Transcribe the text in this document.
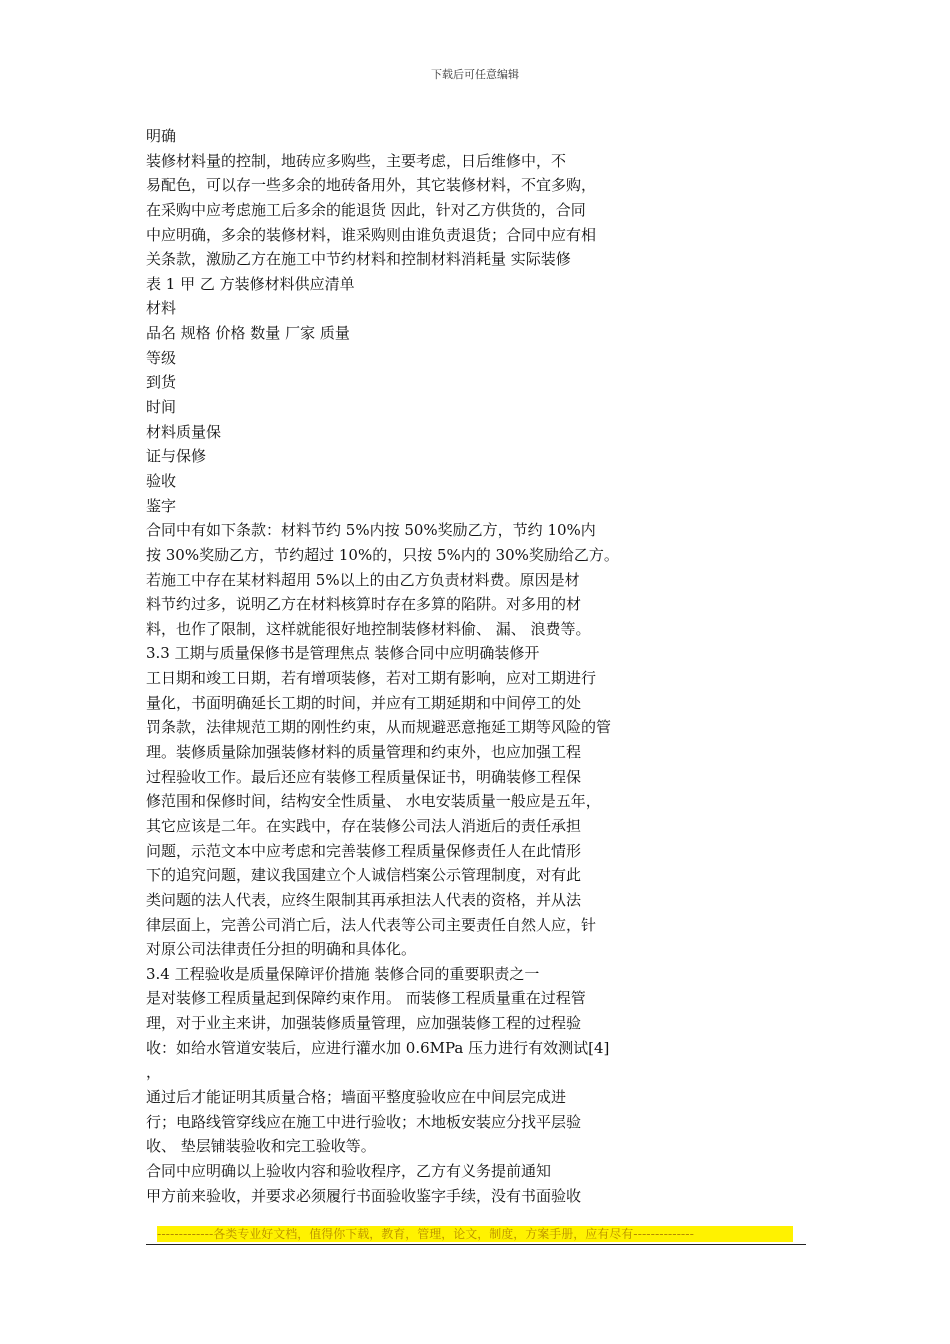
下载后可任意编辑
明确
装修材料量的控制，地砖应多购些，主要考虑，日后维修中，不
易配色，可以存一些多余的地砖备用外，其它装修材料，不宜多购，
在采购中应考虑施工后多余的能退货 因此，针对乙方供货的，合同
中应明确，多余的装修材料，谁采购则由谁负责退货；合同中应有相
关条款，激励乙方在施工中节约材料和控制材料消耗量 实际装修
表 1 甲 乙 方装修材料供应清单
材料
品名 规格 价格 数量 厂家 质量
等级
到货
时间
材料质量保
证与保修
验收
鉴字
合同中有如下条款：材料节约 5%内按 50%奖励乙方，节约 10%内
按 30%奖励乙方，节约超过 10%的，只按 5%内的 30%奖励给乙方。
若施工中存在某材料超用 5%以上的由乙方负责材料费。原因是材
料节约过多，说明乙方在材料核算时存在多算的陷阱。对多用的材
料，也作了限制，这样就能很好地控制装修材料偷、 漏、 浪费等。
3.3 工期与质量保修书是管理焦点 装修合同中应明确装修开
工日期和竣工日期，若有增项装修，若对工期有影响，应对工期进行
量化，书面明确延长工期的时间，并应有工期延期和中间停工的处
罚条款，法律规范工期的刚性约束，从而规避恶意拖延工期等风险的管
理。装修质量除加强装修材料的质量管理和约束外，也应加强工程
过程验收工作。最后还应有装修工程质量保证书，明确装修工程保
修范围和保修时间，结构安全性质量、 水电安装质量一般应是五年，
其它应该是二年。在实践中，存在装修公司法人消逝后的责任承担
问题，示范文本中应考虑和完善装修工程质量保修责任人在此情形
下的追究问题，建议我国建立个人诚信档案公示管理制度，对有此
类问题的法人代表，应终生限制其再承担法人代表的资格，并从法
律层面上，完善公司消亡后，法人代表等公司主要责任自然人应，针
对原公司法律责任分担的明确和具体化。
3.4 工程验收是质量保障评价措施 装修合同的重要职责之一
是对装修工程质量起到保障约束作用。 而装修工程质量重在过程管
理，对于业主来讲，加强装修质量管理，应加强装修工程的过程验
收：如给水管道安装后，应进行灌水加 0.6MPa 压力进行有效测试[4]
，
通过后才能证明其质量合格；墙面平整度验收应在中间层完成进
行；电路线管穿线应在施工中进行验收；木地板安装应分找平层验
收、 垫层铺装验收和完工验收等。
合同中应明确以上验收内容和验收程序，乙方有义务提前通知
甲方前来验收，并要求必须履行书面验收鉴字手续，没有书面验收
-------------各类专业好文档，值得你下载，教育，管理，论文，制度，方案手册，应有尽有--------------
